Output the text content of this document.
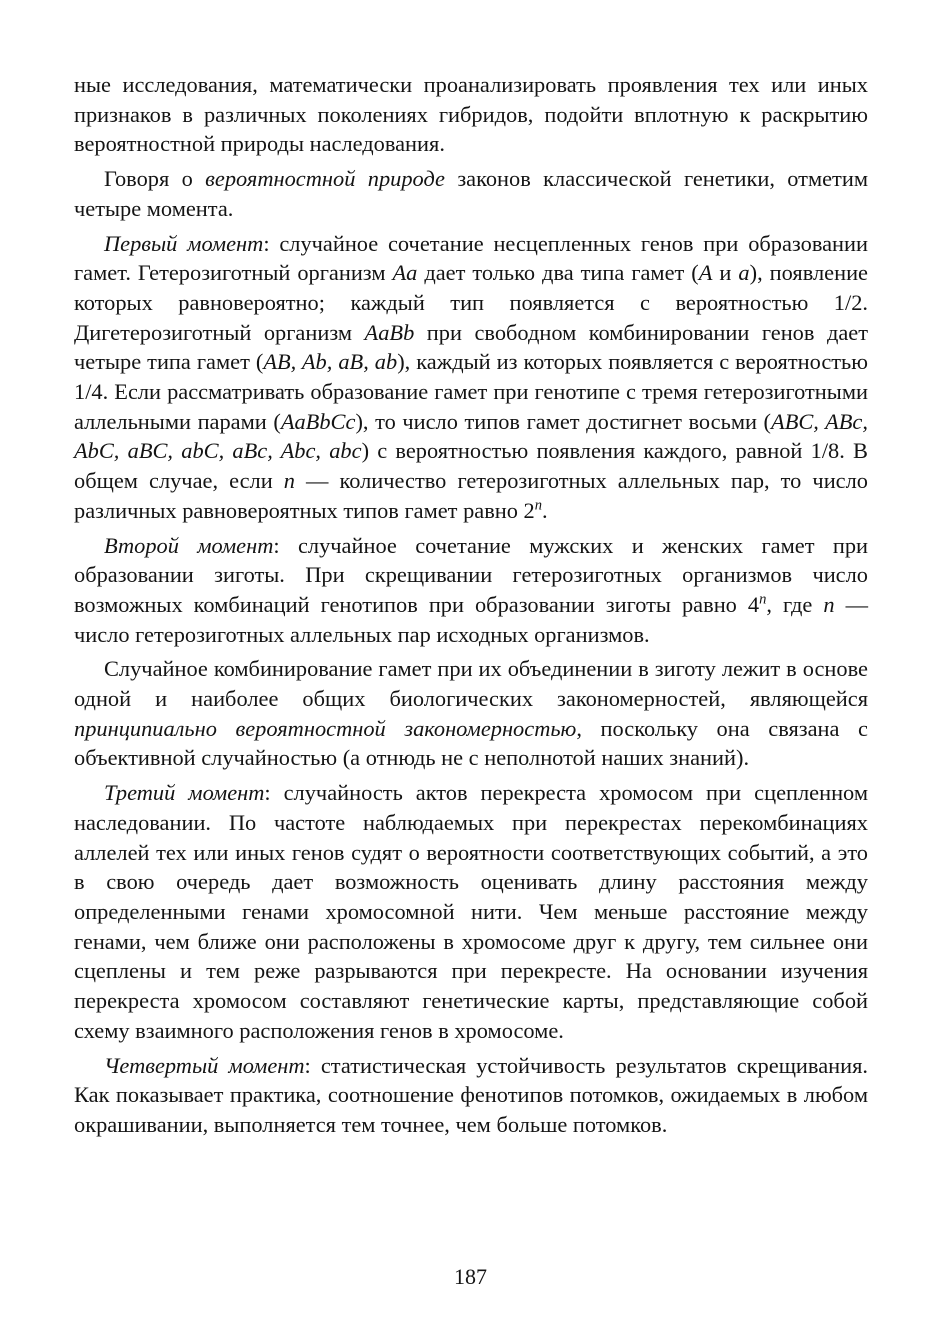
ные исследования, математически проанализировать проявления тех или иных признаков в различных поколениях гибридов, подойти вплотную к раскрытию вероятностной природы наследования.

Говоря о вероятностной природе законов классической генетики, отметим четыре момента.

Первый момент: случайное сочетание несцепленных генов при образовании гамет. Гетерозиготный организм Aa дает только два типа гамет (A и a), появление которых равновероятно; каждый тип появляется с вероятностью 1/2. Дигетерозиготный организм AaBb при свободном комбинировании генов дает четыре типа гамет (AB, Ab, aB, ab), каждый из которых появляется с вероятностью 1/4. Если рассматривать образование гамет при генотипе с тремя гетерозиготными аллельными парами (AaBbCc), то число типов гамет достигнет восьми (ABC, ABc, AbC, aBC, abC, aBc, Abc, abc) с вероятностью появления каждого, равной 1/8. В общем случае, если n — количество гетерозиготных аллельных пар, то число различных равновероятных типов гамет равно 2$^n$.

Второй момент: случайное сочетание мужских и женских гамет при образовании зиготы. При скрещивании гетерозиготных организмов число возможных комбинаций генотипов при образовании зиготы равно 4$^n$, где n — число гетерозиготных аллельных пар исходных организмов.

Случайное комбинирование гамет при их объединении в зиготу лежит в основе одной и наиболее общих биологических закономерностей, являющейся принципиально вероятностной закономерностью, поскольку она связана с объективной случайностью (а отнюдь не с неполнотой наших знаний).

Третий момент: случайность актов перекреста хромосом при сцепленном наследовании. По частоте наблюдаемых при перекрестах перекомбинациях аллелей тех или иных генов судят о вероятности соответствующих событий, а это в свою очередь дает возможность оценивать длину расстояния между определенными генами хромосомной нити. Чем меньше расстояние между генами, чем ближе они расположены в хромосоме друг к другу, тем сильнее они сцеплены и тем реже разрываются при перекресте. На основании изучения перекреста хромосом составляют генетические карты, представляющие собой схему взаимного расположения генов в хромосоме.

Четвертый момент: статистическая устойчивость результатов скрещивания. Как показывает практика, соотношение фенотипов потомков, ожидаемых в любом окрашивании, выполняется тем точнее, чем больше потомков.

187
